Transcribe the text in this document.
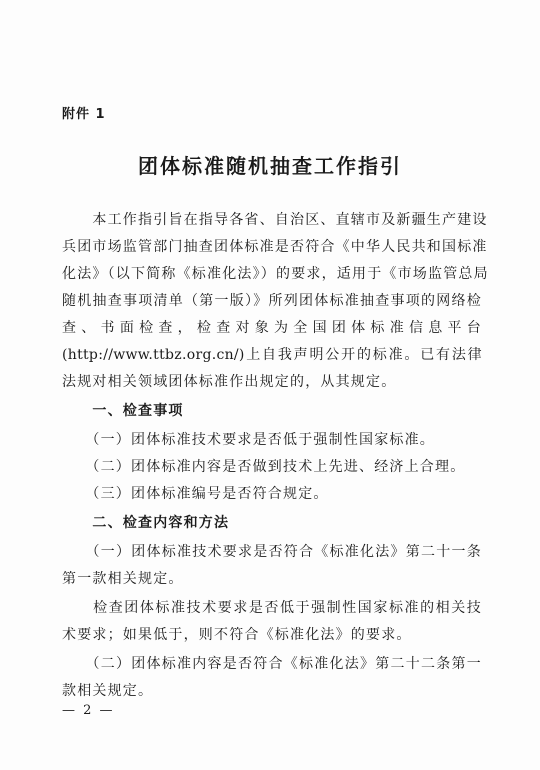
附件 1
团体标准随机抽查工作指引
　　本工作指引旨在指导各省、自治区、直辖市及新疆生产建设
兵团市场监管部门抽查团体标准是否符合《中华人民共和国标准
化法》（以下简称《标准化法》）的要求，适用于《市场监管总局
随机抽查事项清单（第一版）》所列团体标准抽查事项的网络检
查、书面检查，检查对象为全国团体标准信息平台
(http://www.ttbz.org.cn/)上自我声明公开的标准。已有法律
法规对相关领域团体标准作出规定的，从其规定。
　　一、检查事项
　　（一）团体标准技术要求是否低于强制性国家标准。
　　（二）团体标准内容是否做到技术上先进、经济上合理。
　　（三）团体标准编号是否符合规定。
　　二、检查内容和方法
　　（一）团体标准技术要求是否符合《标准化法》第二十一条
第一款相关规定。
　　检查团体标准技术要求是否低于强制性国家标准的相关技
术要求；如果低于，则不符合《标准化法》的要求。
　　（二）团体标准内容是否符合《标准化法》第二十二条第一
款相关规定。
— 2 —
